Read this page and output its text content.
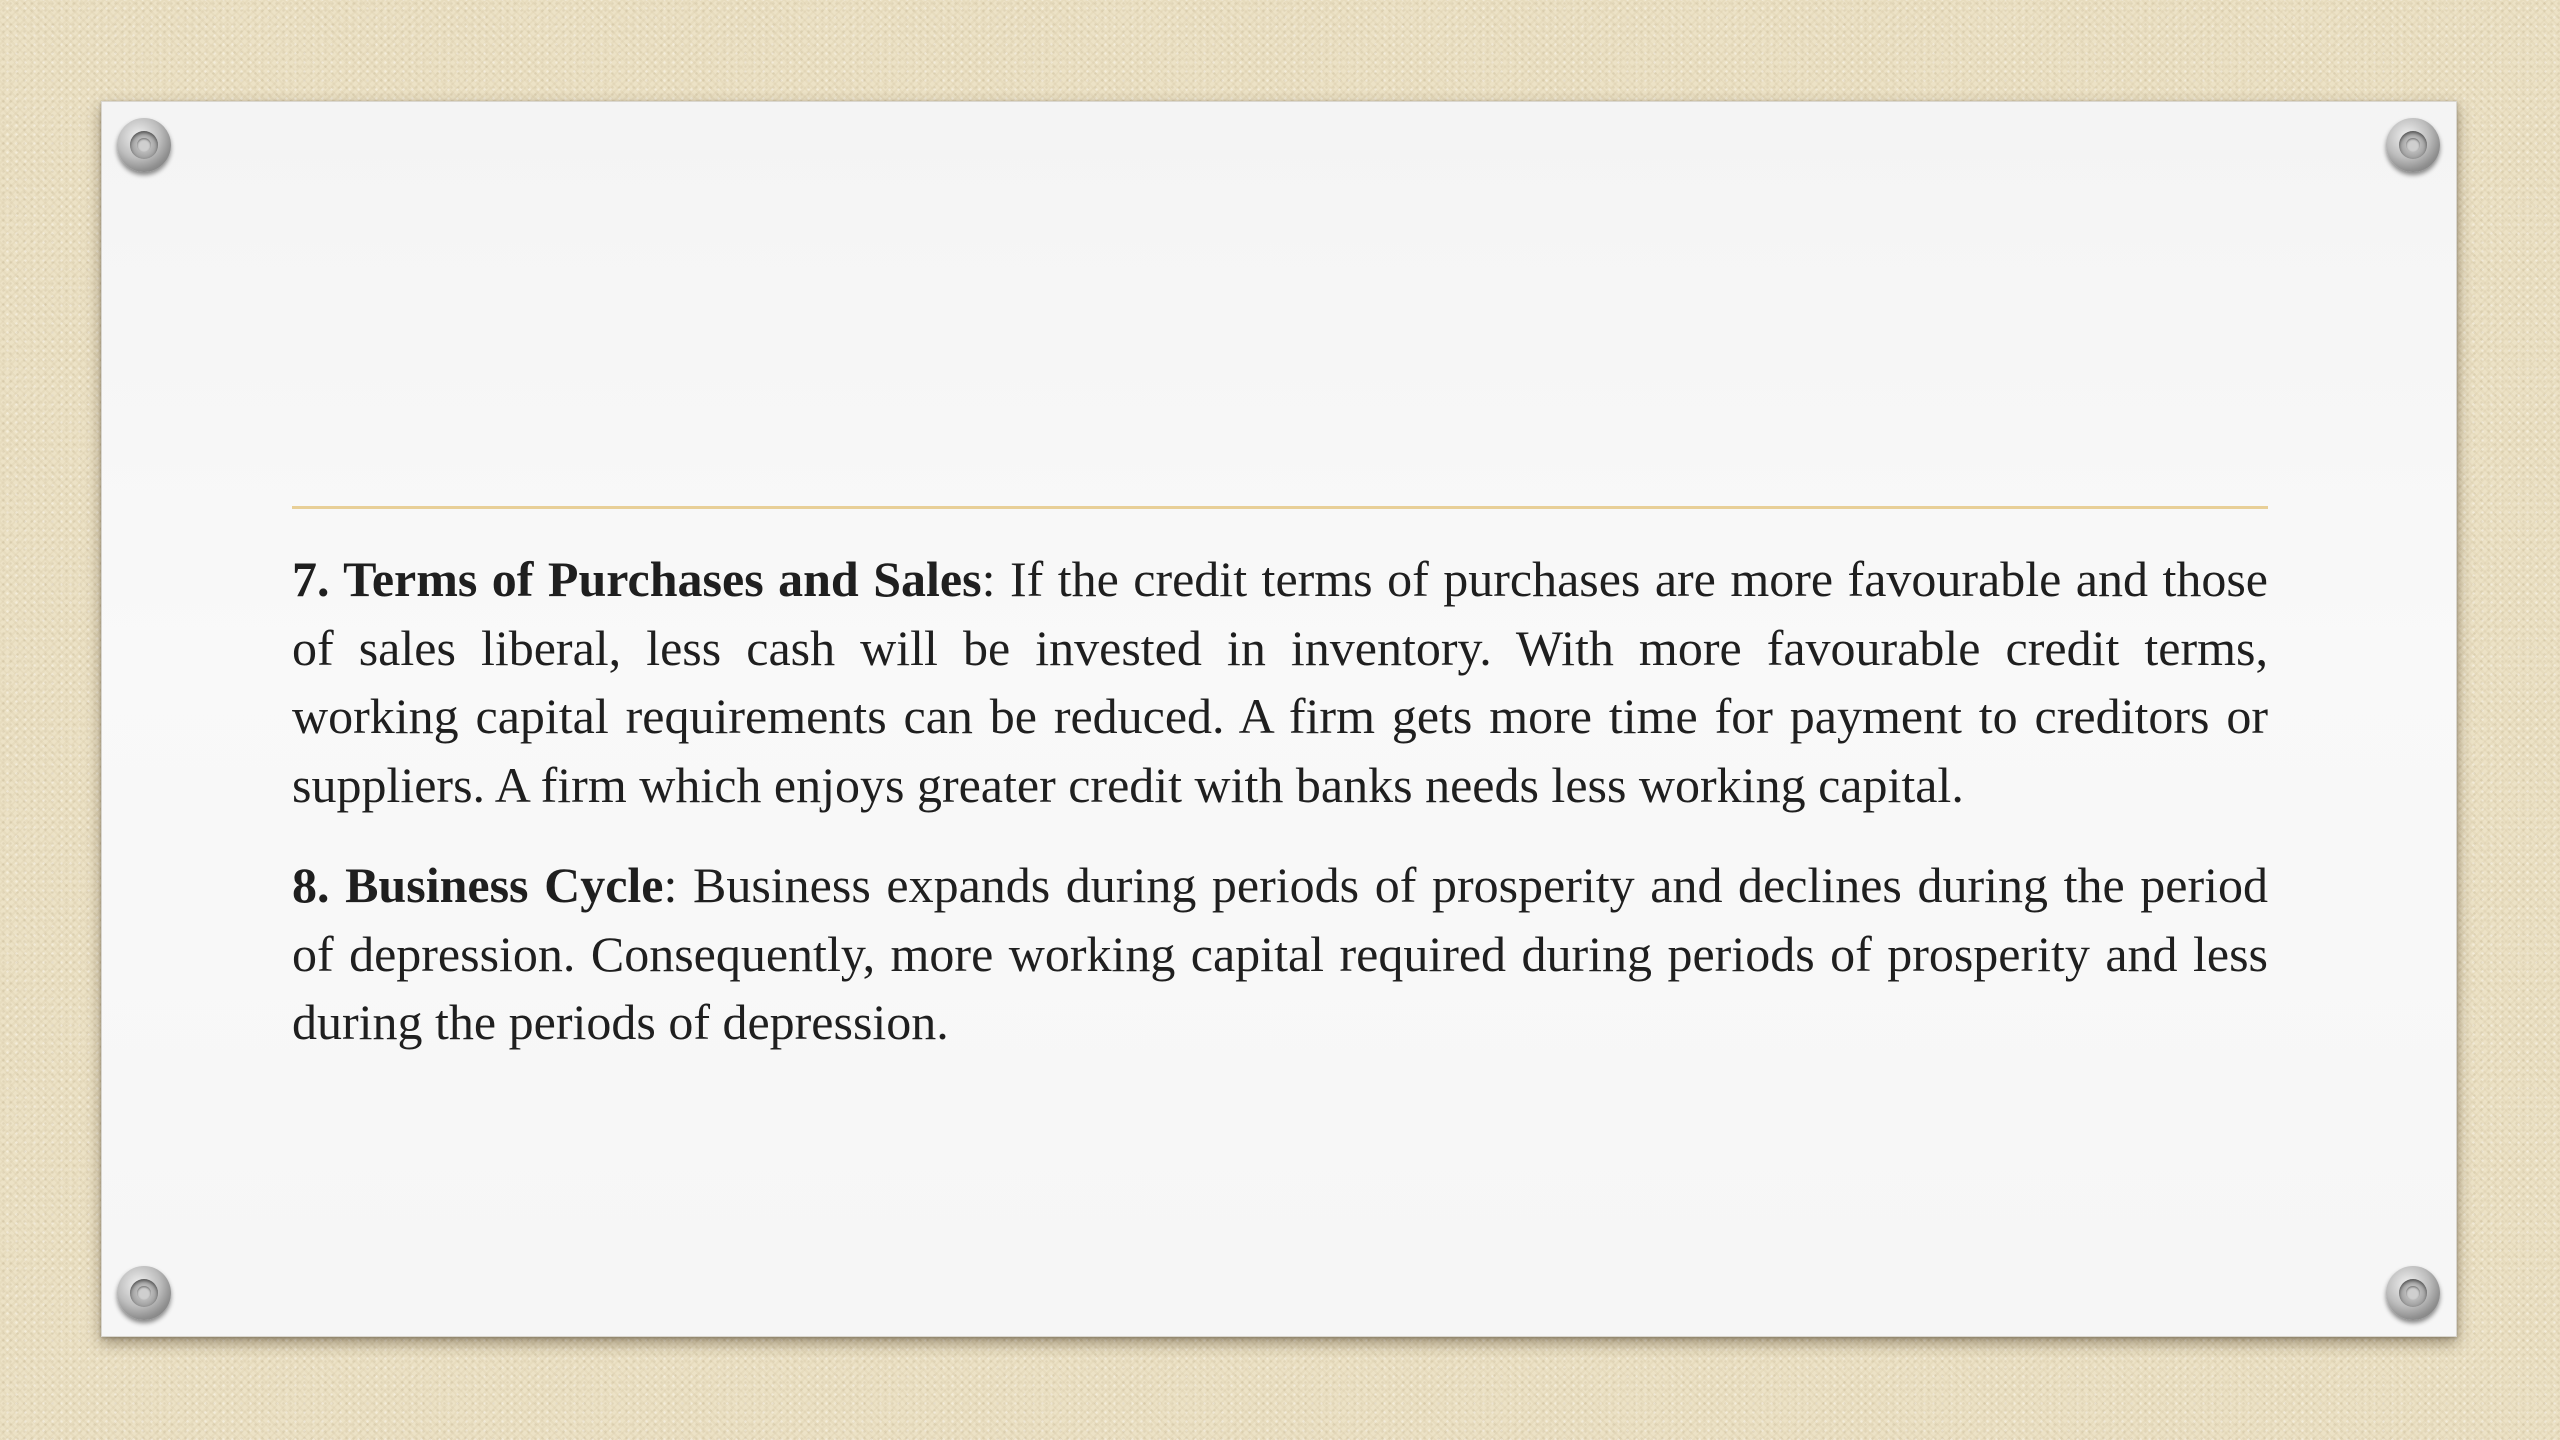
7. Terms of Purchases and Sales: If the credit terms of purchases are more favourable and those of sales liberal, less cash will be invested in inventory. With more favourable credit terms, working capital requirements can be reduced. A firm gets more time for payment to creditors or suppliers. A firm which enjoys greater credit with banks needs less working capital.

8. Business Cycle: Business expands during periods of prosperity and declines during the period of depression. Consequently, more working capital required during periods of prosperity and less during the periods of depression.
